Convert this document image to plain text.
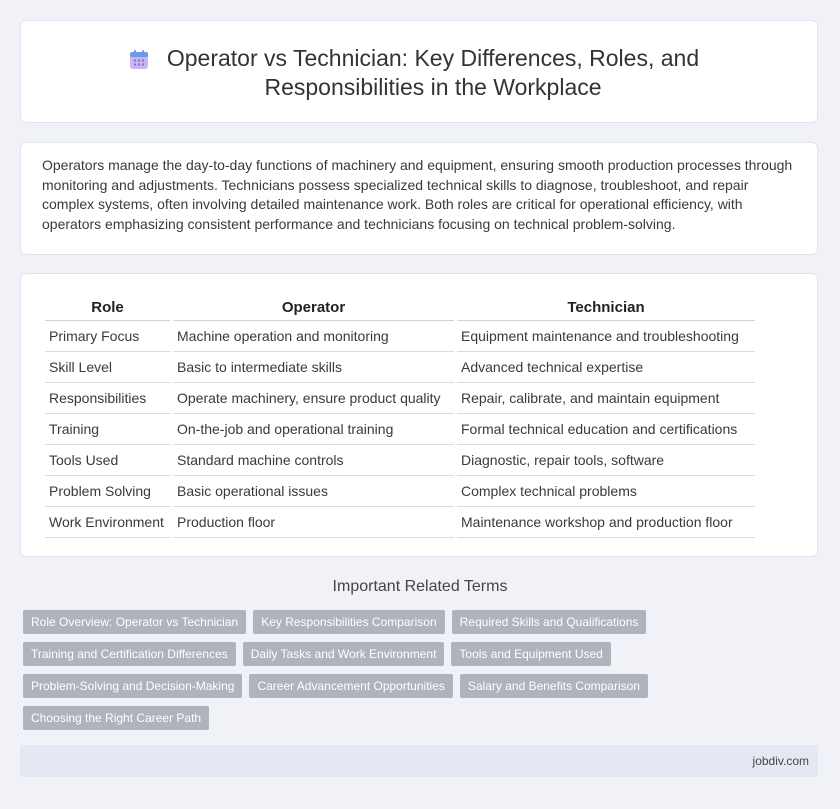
Operator vs Technician: Key Differences, Roles, and Responsibilities in the Workplace
Operators manage the day-to-day functions of machinery and equipment, ensuring smooth production processes through monitoring and adjustments. Technicians possess specialized technical skills to diagnose, troubleshoot, and repair complex systems, often involving detailed maintenance work. Both roles are critical for operational efficiency, with operators emphasizing consistent performance and technicians focusing on technical problem-solving.
Role	Operator	Technician
Primary Focus	Machine operation and monitoring	Equipment maintenance and troubleshooting
Skill Level	Basic to intermediate skills	Advanced technical expertise
Responsibilities	Operate machinery, ensure product quality	Repair, calibrate, and maintain equipment
Training	On-the-job and operational training	Formal technical education and certifications
Tools Used	Standard machine controls	Diagnostic, repair tools, software
Problem Solving	Basic operational issues	Complex technical problems
Work Environment	Production floor	Maintenance workshop and production floor
Important Related Terms
Role Overview: Operator vs Technician Key Responsibilities Comparison Required Skills and Qualifications
Training and Certification Differences Daily Tasks and Work Environment Tools and Equipment Used
Problem-Solving and Decision-Making Career Advancement Opportunities Salary and Benefits Comparison
Choosing the Right Career Path
jobdiv.com
